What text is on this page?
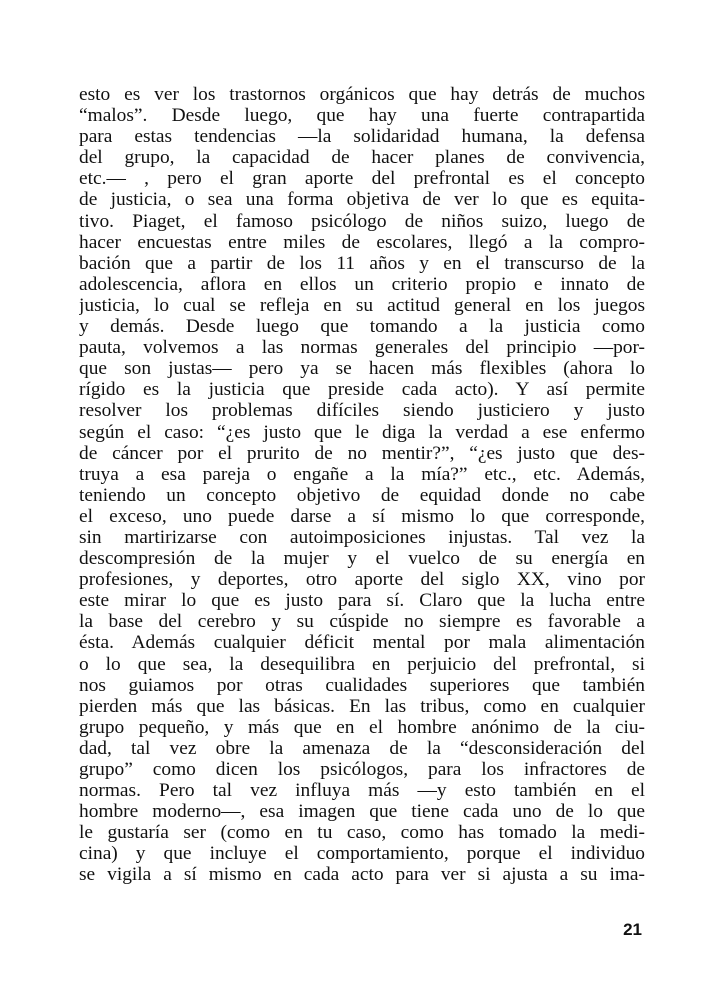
esto es ver los trastornos orgánicos que hay detrás de muchos
“malos”. Desde luego, que hay una fuerte contrapartida
para estas tendencias —la solidaridad humana, la defensa
del grupo, la capacidad de hacer planes de convivencia,
etc.— , pero el gran aporte del prefrontal es el concepto
de justicia, o sea una forma objetiva de ver lo que es equita-
tivo. Piaget, el famoso psicólogo de niños suizo, luego de
hacer encuestas entre miles de escolares, llegó a la compro-
bación que a partir de los 11 años y en el transcurso de la
adolescencia, aflora en ellos un criterio propio e innato de
justicia, lo cual se refleja en su actitud general en los juegos
y demás. Desde luego que tomando a la justicia como
pauta, volvemos a las normas generales del principio —por-
que son justas— pero ya se hacen más flexibles (ahora lo
rígido es la justicia que preside cada acto). Y así permite
resolver los problemas difíciles siendo justiciero y justo
según el caso: “¿es justo que le diga la verdad a ese enfermo
de cáncer por el prurito de no mentir?”, “¿es justo que des-
truya a esa pareja o engañe a la mía?” etc., etc. Además,
teniendo un concepto objetivo de equidad donde no cabe
el exceso, uno puede darse a sí mismo lo que corresponde,
sin martirizarse con autoimposiciones injustas. Tal vez la
descompresión de la mujer y el vuelco de su energía en
profesiones, y deportes, otro aporte del siglo XX, vino por
este mirar lo que es justo para sí. Claro que la lucha entre
la base del cerebro y su cúspide no siempre es favorable a
ésta. Además cualquier déficit mental por mala alimentación
o lo que sea, la desequilibra en perjuicio del prefrontal, si
nos guiamos por otras cualidades superiores que también
pierden más que las básicas. En las tribus, como en cualquier
grupo pequeño, y más que en el hombre anónimo de la ciu-
dad, tal vez obre la amenaza de la “desconsideración del
grupo” como dicen los psicólogos, para los infractores de
normas. Pero tal vez influya más —y esto también en el
hombre moderno—, esa imagen que tiene cada uno de lo que
le gustaría ser (como en tu caso, como has tomado la medi-
cina) y que incluye el comportamiento, porque el individuo
se vigila a sí mismo en cada acto para ver si ajusta a su ima-
21
